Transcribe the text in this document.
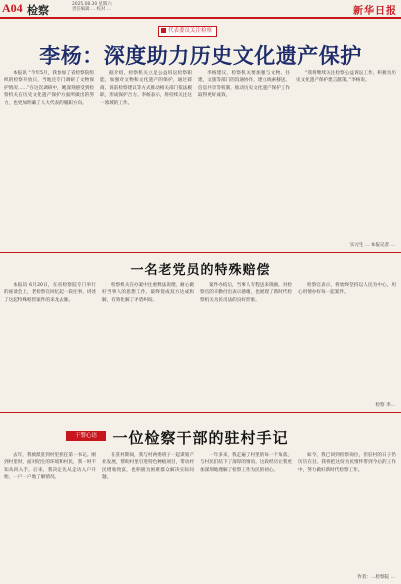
A04 检察	2025.08.30 星期六
责任编辑 ... 校对 ...	新华日报
代表委员关注检察
李杨：深度助力历史文化遗产保护

本报讯 “今年5月，我参加了省检察院组织的检察开放日，当地还专门调研了文物保护情况……”在这次调研中，她深刻感受到检察机关在历史文化遗产保护方面所做出的努力，也更加明确了人大代表的履职方向。

据介绍，检察机关立足公益诉讼检察职能，加强对文物和文化遗产的保护，通过磋商、诉前检察建议等方式推动相关部门依法履职，形成保护合力。李杨表示，将持续关注这一领域的工作。

李杨建议，检察机关要加强与文物、住建、文旅等部门的沟通协作，建立线索移送、信息共享等机制，推动历史文化遗产保护工作取得更好成效。

“我将继续关注检察公益诉讼工作，积极为历史文化遗产保护建言献策。”李杨说。

实习生 ... 本报记者 ...
一名老党员的特殊赔偿

本报讯 6月20日，在省检察院专门举行的座谈会上，老检察官回忆起一段往事，讲述了这起特殊赔偿案件的来龙去脉。

检察机关在办案中注重释法说理，耐心做好当事人的思想工作，最终促成双方达成和解，有效化解了矛盾纠纷。

案件办结后，当事人专程送来锦旗，对检察官的辛勤付出表示感谢，也展现了新时代检察机关为民司法的良好形象。

检察官表示，将始终坚持以人民为中心，用心用情办好每一起案件。

检察 李...
干警心语	一位检察干部的驻村手记

去年，我被派驻到村里担任第一书记。刚到村里时，面对陌生的环境和村民，我一时不知从何入手。后来，我决定先从走访入户开始，一户一户地了解情况。

在驻村期间，我与村两委班子一起谋划产业发展，帮助村里引进特色种植项目，带动村民增收致富，也积极为困难群众解决实际问题。

一年多来，我走遍了村里的每一个角落，与村民们结下了深厚的情谊。这段经历让我更加深刻地理解了检察工作为民的初心。

如今，我已回到检察岗位，但驻村的日子仍历历在目。我将把这份为民情怀带到今后的工作中，努力做好新时代检察工作。

作者：...检察院 ...
